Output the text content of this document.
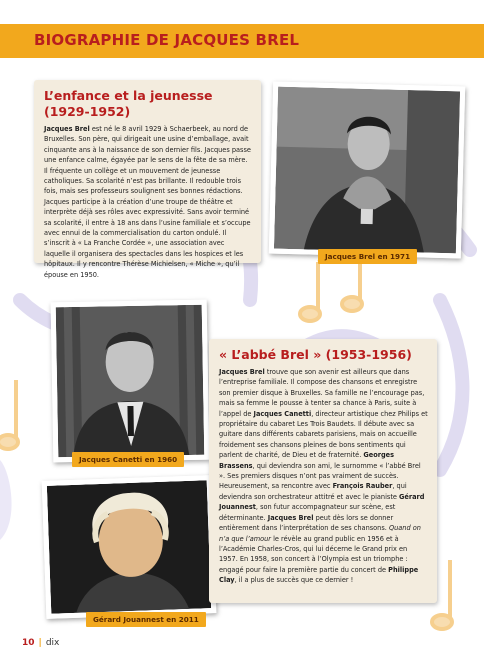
BIOGRAPHIE DE JACQUES BREL
L’enfance et la jeunesse (1929-1952)

Jacques Brel est né le 8 avril 1929 à Schaerbeek, au nord de Bruxelles. Son père, qui dirigeait une usine d’emballage, avait cinquante ans à la naissance de son dernier fils. Jacques passe une enfance calme, égayée par le sens de la fête de sa mère. Il fréquente un collège et un mouvement de jeunesse catholiques. Sa scolarité n’est pas brillante. Il redouble trois fois, mais ses professeurs soulignent ses bonnes rédactions. Jacques participe à la création d’une troupe de théâtre et interprète déjà ses rôles avec expressivité. Sans avoir terminé sa scolarité, il entre à 18 ans dans l’usine familiale et s’occupe avec ennui de la commercialisation du carton ondulé. Il s’inscrit à « La Franche Cordée », une association avec laquelle il organisera des spectacles dans les hospices et les hôpitaux. Il y rencontre Thérèse Michielsen, « Miche », qu’il épouse en 1950.

Jacques Brel en 1971
Jacques Canetti en 1960
Gérard Jouannest en 2011
« L’abbé Brel » (1953-1956)

Jacques Brel trouve que son avenir est ailleurs que dans l’entreprise familiale. Il compose des chansons et enregistre son premier disque à Bruxelles. Sa famille ne l’encourage pas, mais sa femme le pousse à tenter sa chance à Paris, suite à l’appel de Jacques Canetti, directeur artistique chez Philips et propriétaire du cabaret Les Trois Baudets. Il débute avec sa guitare dans différents cabarets parisiens, mais on accueille froidement ses chansons pleines de bons sentiments qui parlent de charité, de Dieu et de fraternité. Georges Brassens, qui deviendra son ami, le surnomme « l’abbé Brel ». Ses premiers disques n’ont pas vraiment de succès. Heureusement, sa rencontre avec François Rauber, qui deviendra son orchestrateur attitré et avec le pianiste Gérard Jouannest, son futur accompagnateur sur scène, est déterminante. Jacques Brel peut dès lors se donner entièrement dans l’interprétation de ses chansons. Quand on n’a que l’amour le révèle au grand public en 1956 et à l’Académie Charles-Cros, qui lui décerne le Grand prix en 1957. En 1958, son concert à l’Olympia est un triomphe : engagé pour faire la première partie du concert de Philippe Clay, il a plus de succès que ce dernier !

10 | dix
